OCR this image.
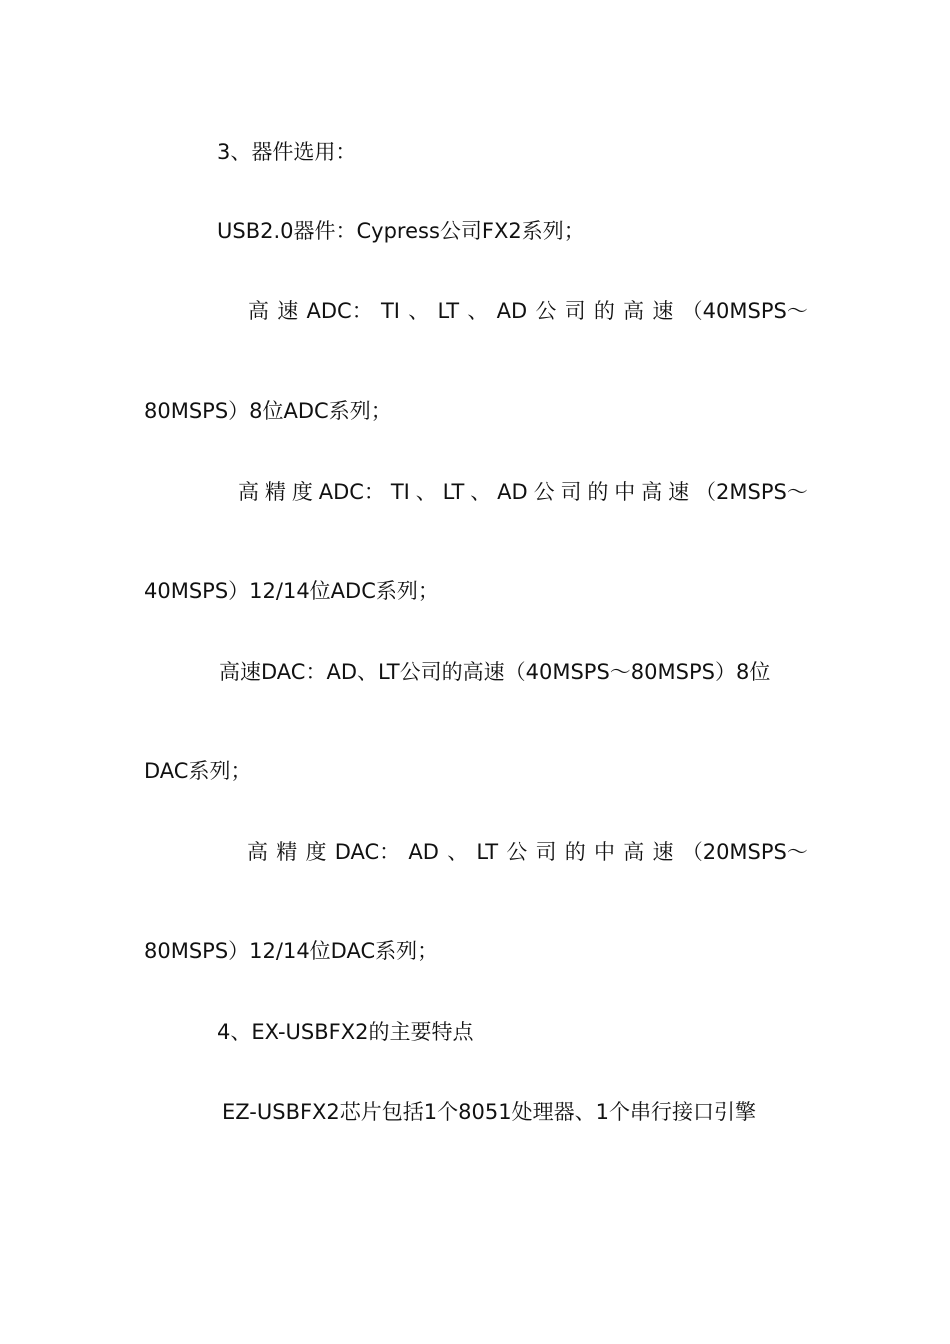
3、器件选用：

USB2.0器件：Cypress公司FX2系列；

高 速 ADC： TI 、 LT 、 AD 公 司 的 高 速 （40MSPS～

80MSPS）8位ADC系列；

高 精 度 ADC： TI 、 LT 、 AD 公 司 的 中 高 速 （2MSPS～

40MSPS）12/14位ADC系列；

高速DAC：AD、LT公司的高速（40MSPS～80MSPS）8位

DAC系列；

高 精 度 DAC： AD 、 LT 公 司 的 中 高 速 （20MSPS～

80MSPS）12/14位DAC系列；

4、EX-USBFX2的主要特点

EZ-USBFX2芯片包括1个8051处理器、1个串行接口引擎
